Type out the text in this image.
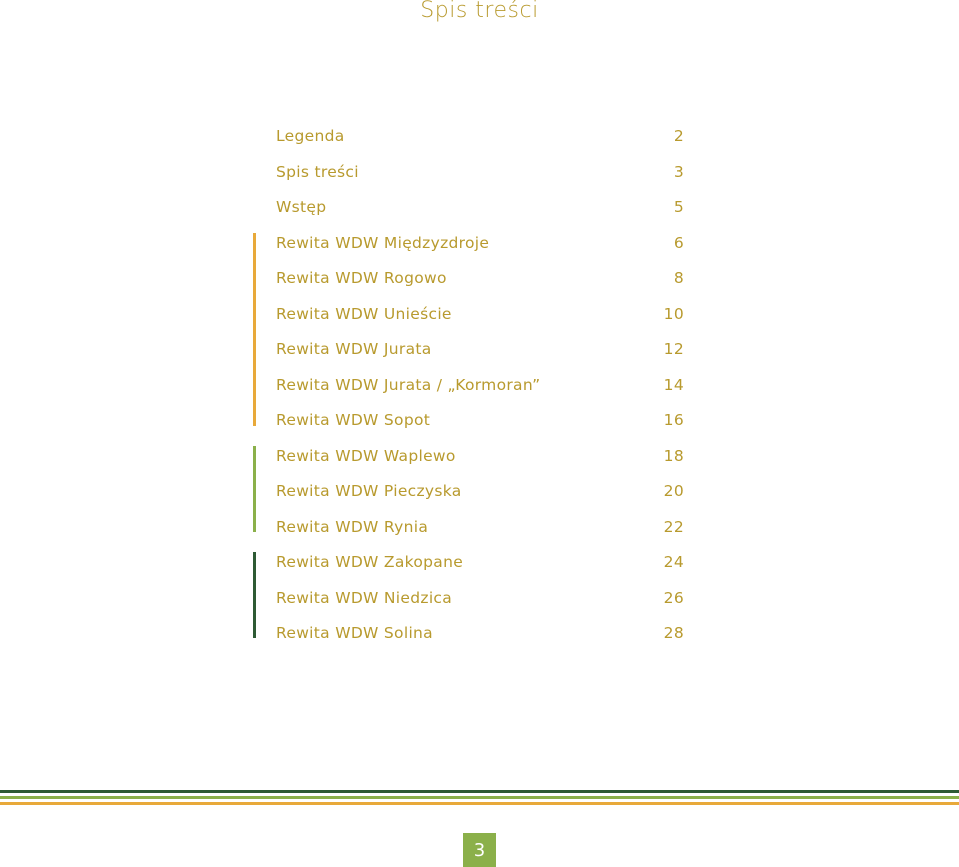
Spis treści
Legenda	2
Spis treści	3
Wstęp	5
Rewita WDW Międzyzdroje	6
Rewita WDW Rogowo	8
Rewita WDW Unieście	10
Rewita WDW Jurata	12
Rewita WDW Jurata / „Kormoran”	14
Rewita WDW Sopot	16
Rewita WDW Waplewo	18
Rewita WDW Pieczyska	20
Rewita WDW Rynia	22
Rewita WDW Zakopane	24
Rewita WDW Niedzica	26
Rewita WDW Solina	28
3
